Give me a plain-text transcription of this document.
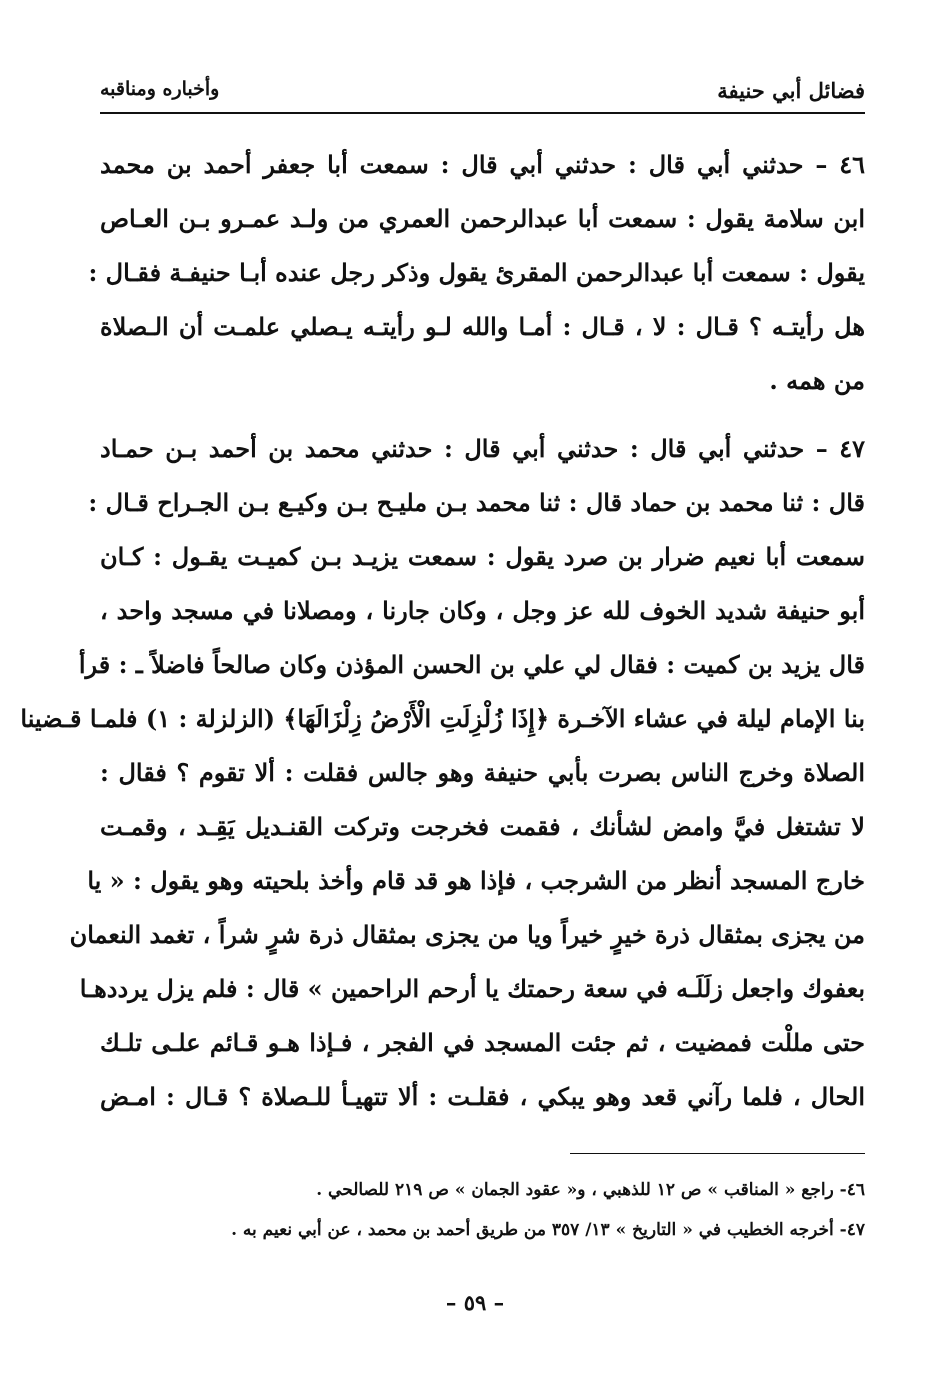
فضائل أبي حنيفة
وأخباره ومناقبه
٤٦ – حدثني أبي قال : حدثني أبي قال : سمعت أبا جعفر أحمد بن محمد
ابن سلامة يقول : سمعت أبا عبدالرحمن العمري من ولـد عمـرو بـن العـاص
يقول : سمعت أبا عبدالرحمن المقرئ يقول وذكر رجل عنده أبـا حنيفـة فقـال :
هل رأيتـه ؟ قـال : لا ، قـال : أمـا والله لـو رأيتـه يـصلي علمـت أن الـصلاة
من همه .
٤٧ – حدثني أبي قال : حدثني أبي قال : حدثني محمد بن أحمد بـن حمـاد
قال : ثنا محمد بن حماد قال : ثنا محمد بـن مليـح بـن وكيـع بـن الجـراح قـال :
سمعت أبا نعيم ضرار بن صرد يقول : سمعت يزيـد بـن كميـت يقـول : كـان
أبو حنيفة شديد الخوف لله عز وجل ، وكان جارنا ، ومصلانا في مسجد واحد ،
قال يزيد بن كميت : فقال لي علي بن الحسن المؤذن وكان صالحاً فاضلاً ـ : قرأ
بنا الإمام ليلة في عشاء الآخـرة ﴿إِذَا زُلْزِلَتِ الْأَرْضُ زِلْزَالَهَا﴾ (الزلزلة : ١) فلمـا قـضينا
الصلاة وخرج الناس بصرت بأبي حنيفة وهو جالس فقلت : ألا تقوم ؟ فقال :
لا تشتغل فيَّ وامض لشأنك ، فقمت فخرجت وتركت القنـديل يَقِـد ، وقمـت
خارج المسجد أنظر من الشرجب ، فإذا هو قد قام وأخذ بلحيته وهو يقول : « يا
من يجزى بمثقال ذرة خيرٍ خيراً ويا من يجزى بمثقال ذرة شرٍ شراً ، تغمد النعمان
بعفوك واجعل زلَلَـه في سعة رحمتك يا أرحم الراحمين » قال : فلم يزل يرددهـا
حتى مللْت فمضيت ، ثم جئت المسجد في الفجر ، فـإذا هـو قـائم علـى تلـك
الحال ، فلما رآني قعد وهو يبكي ، فقلـت : ألا تتهيـأ للـصلاة ؟ قـال : امـض
٤٦- راجع « المناقب » ص ١٢ للذهبي ، و« عقود الجمان » ص ٢١٩ للصالحي .
٤٧- أخرجه الخطيب في « التاريخ » ١٣/ ٣٥٧ من طريق أحمد بن محمد ، عن أبي نعيم به .
– ٥٩ –
